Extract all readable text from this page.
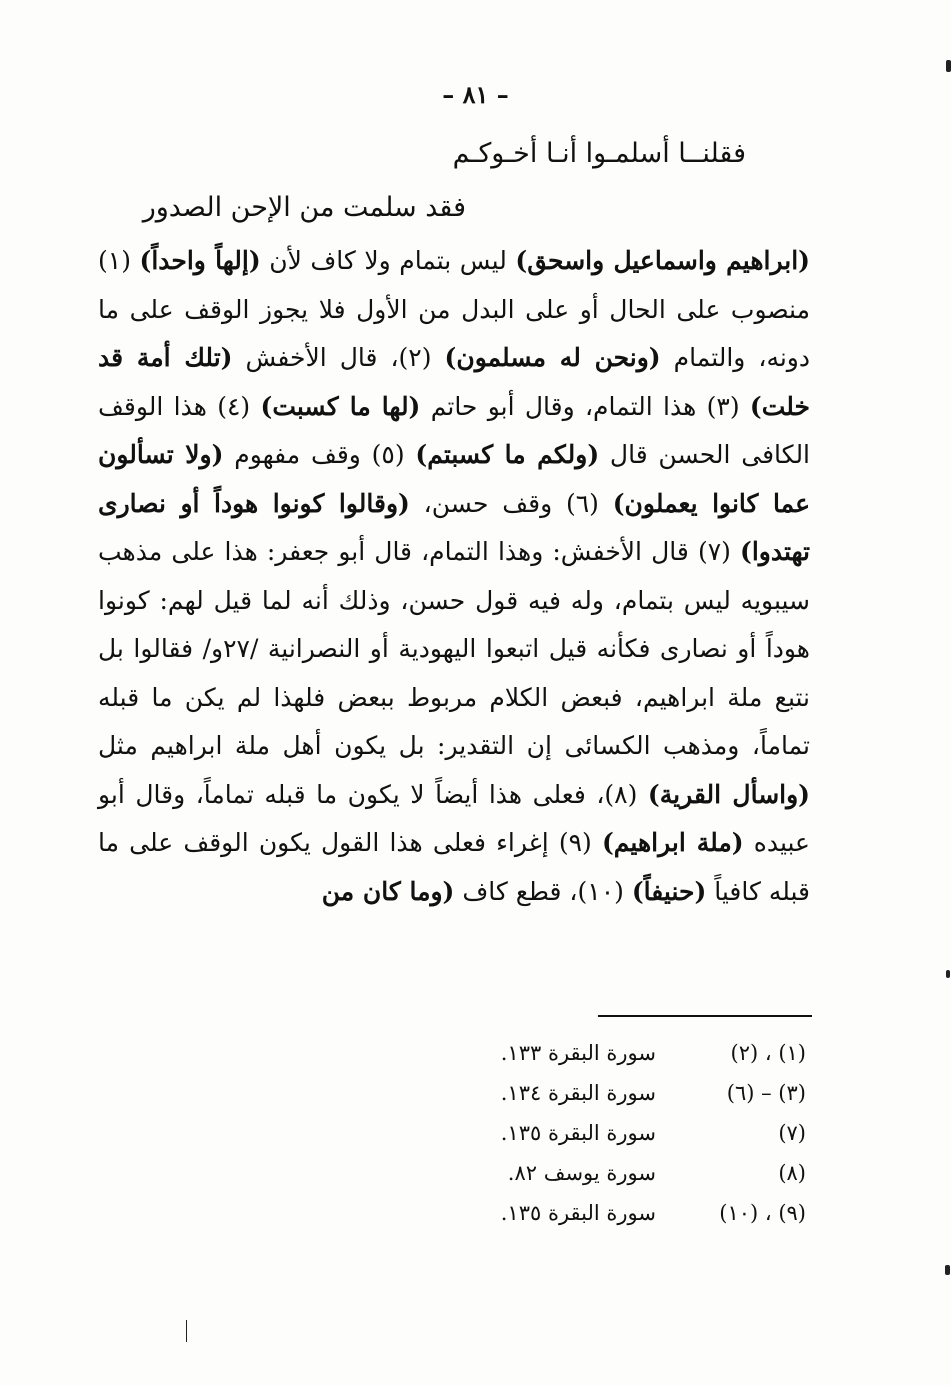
– ٨١ –
فقلنــا أسلمـوا أنـا أخـوكـم
فقد سلمت من الإحن الصدور
(ابراهيم واسماعيل واسحق) ليس بتمام ولا كاف لأن (إلهاً واحداً) (١) منصوب على الحال أو على البدل من الأول فلا يجوز الوقف على ما دونه، والتمام (ونحن له مسلمون) (٢)، قال الأخفش (تلك أمة قد خلت) (٣) هذا التمام، وقال أبو حاتم (لها ما كسبت) (٤) هذا الوقف الكافى الحسن قال (ولكم ما كسبتم) (٥) وقف مفهوم (ولا تسألون عما كانوا يعملون) (٦) وقف حسن، (وقالوا كونوا هوداً أو نصارى تهتدوا) (٧) قال الأخفش: وهذا التمام، قال أبو جعفر: هذا على مذهب سيبويه ليس بتمام، وله فيه قول حسن، وذلك أنه لما قيل لهم: كونوا هوداً أو نصارى فكأنه قيل اتبعوا اليهودية أو النصرانية /٢٧و/ فقالوا بل نتبع ملة ابراهيم، فبعض الكلام مربوط ببعض فلهذا لم يكن ما قبله تماماً، ومذهب الكسائى إن التقدير: بل يكون أهل ملة ابراهيم مثل (واسأل القرية) (٨)، فعلى هذا أيضاً لا يكون ما قبله تماماً، وقال أبو عبيده (ملة ابراهيم) (٩) إغراء فعلى هذا القول يكون الوقف على ما قبله كافياً (حنيفاً) (١٠)، قطع كاف (وما كان من
(١) ، (٢)
سورة البقرة ١٣٣.
(٣) – (٦)
سورة البقرة ١٣٤.
(٧)
سورة البقرة ١٣٥.
(٨)
سورة يوسف ٨٢.
(٩) ، (١٠)
سورة البقرة ١٣٥.
